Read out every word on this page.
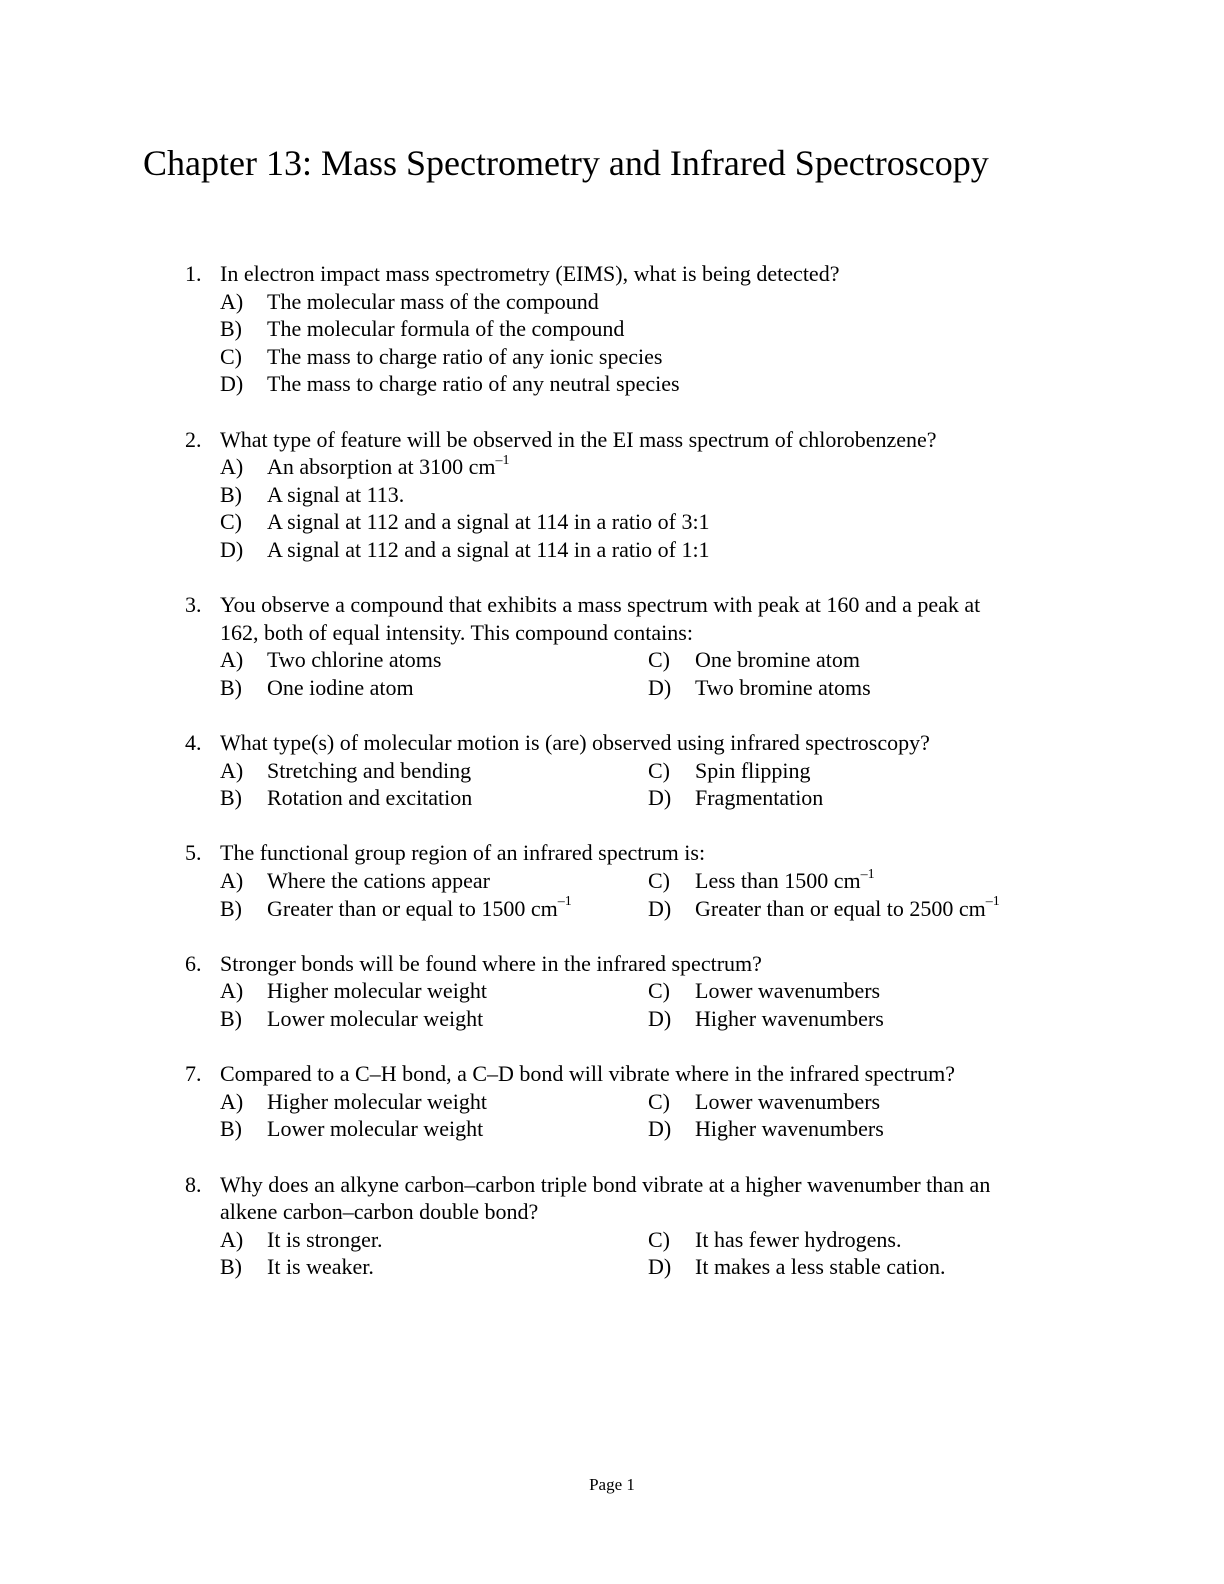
Chapter 13: Mass Spectrometry and Infrared Spectroscopy
1. In electron impact mass spectrometry (EIMS), what is being detected?
A) The molecular mass of the compound
B) The molecular formula of the compound
C) The mass to charge ratio of any ionic species
D) The mass to charge ratio of any neutral species
2. What type of feature will be observed in the EI mass spectrum of chlorobenzene?
A) An absorption at 3100 $cm^{-1}$
B) A signal at 113.
C) A signal at 112 and a signal at 114 in a ratio of 3:1
D) A signal at 112 and a signal at 114 in a ratio of 1:1
3. You observe a compound that exhibits a mass spectrum with peak at 160 and a peak at
162, both of equal intensity. This compound contains:
A) Two chlorine atoms	C) One bromine atom
B) One iodine atom	D) Two bromine atoms
4. What type(s) of molecular motion is (are) observed using infrared spectroscopy?
A) Stretching and bending	C) Spin flipping
B) Rotation and excitation	D) Fragmentation
5. The functional group region of an infrared spectrum is:
A) Where the cations appear	C) Less than 1500 $cm^{-1}$
B) Greater than or equal to 1500 $cm^{-1}$	D) Greater than or equal to 2500 $cm^{-1}$
6. Stronger bonds will be found where in the infrared spectrum?
A) Higher molecular weight	C) Lower wavenumbers
B) Lower molecular weight	D) Higher wavenumbers
7. Compared to a C–H bond, a C–D bond will vibrate where in the infrared spectrum?
A) Higher molecular weight	C) Lower wavenumbers
B) Lower molecular weight	D) Higher wavenumbers
8. Why does an alkyne carbon–carbon triple bond vibrate at a higher wavenumber than an
alkene carbon–carbon double bond?
A) It is stronger.	C) It has fewer hydrogens.
B) It is weaker.	D) It makes a less stable cation.
Page 1
